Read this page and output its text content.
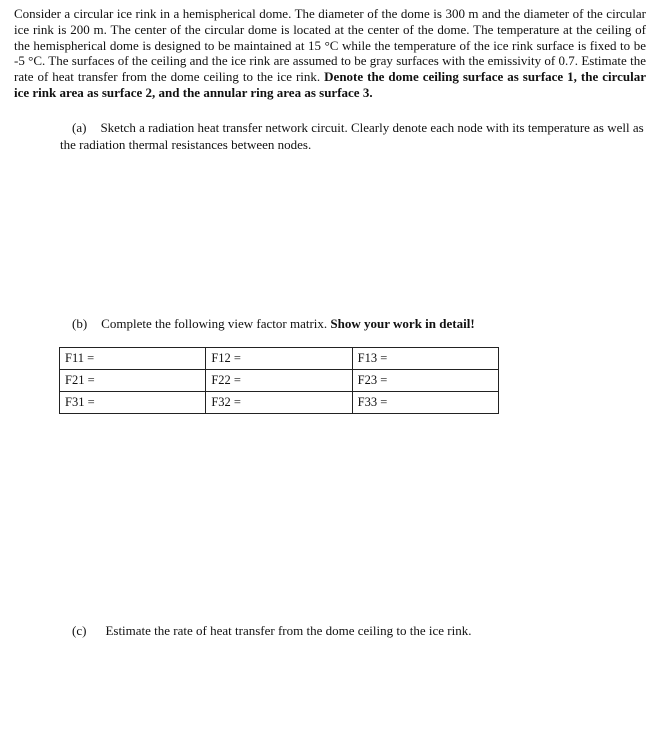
Consider a circular ice rink in a hemispherical dome. The diameter of the dome is 300 m and the diameter of the circular ice rink is 200 m. The center of the circular dome is located at the center of the dome. The temperature at the ceiling of the hemispherical dome is designed to be maintained at 15 °C while the temperature of the ice rink surface is fixed to be -5 °C. The surfaces of the ceiling and the ice rink are assumed to be gray surfaces with the emissivity of 0.7. Estimate the rate of heat transfer from the dome ceiling to the ice rink. Denote the dome ceiling surface as surface 1, the circular ice rink area as surface 2, and the annular ring area as surface 3.
(a) Sketch a radiation heat transfer network circuit. Clearly denote each node with its temperature as well as the radiation thermal resistances between nodes.
(b) Complete the following view factor matrix. Show your work in detail!
F11 =	F12 =	F13 =
F21 =	F22 =	F23 =
F31 =	F32 =	F33 =
(c) Estimate the rate of heat transfer from the dome ceiling to the ice rink.
